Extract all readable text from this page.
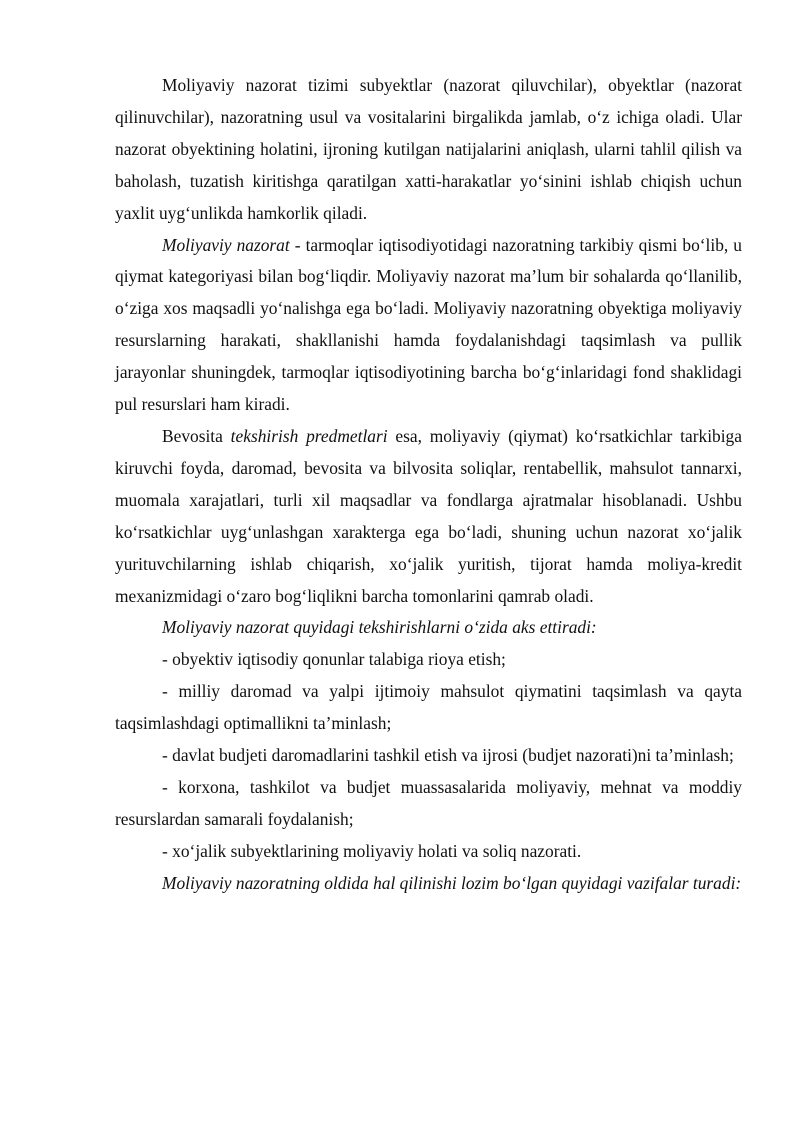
Moliyaviy nazorat tizimi subyektlar (nazorat qiluvchilar), obyektlar (nazorat qilinuvchilar), nazoratning usul va vositalarini birgalikda jamlab, o‘z ichiga oladi. Ular nazorat obyektining holatini, ijroning kutilgan natijalarini aniqlash, ularni tahlil qilish va baholash, tuzatish kiritishga qaratilgan xatti-harakatlar yo‘sinini ishlab chiqish uchun yaxlit uyg‘unlikda hamkorlik qiladi.

Moliyaviy nazorat - tarmoqlar iqtisodiyotidagi nazoratning tarkibiy qismi bo‘lib, u qiymat kategoriyasi bilan bog‘liqdir. Moliyaviy nazorat ma’lum bir sohalarda qo‘llanilib, o‘ziga xos maqsadli yo‘nalishga ega bo‘ladi. Moliyaviy nazoratning obyektiga moliyaviy resurslarning harakati, shakllanishi hamda foydalanishdagi taqsimlash va pullik jarayonlar shuningdek, tarmoqlar iqtisodiyotining barcha bo‘g‘inlaridagi fond shaklidagi pul resurslari ham kiradi.

Bevosita tekshirish predmetlari esa, moliyaviy (qiymat) ko‘rsatkichlar tarkibiga kiruvchi foyda, daromad, bevosita va bilvosita soliqlar, rentabellik, mahsulot tannarxi, muomala xarajatlari, turli xil maqsadlar va fondlarga ajratmalar hisoblanadi. Ushbu ko‘rsatkichlar uyg‘unlashgan xarakterga ega bo‘ladi, shuning uchun nazorat xo‘jalik yurituvchilarning ishlab chiqarish, xo‘jalik yuritish, tijorat hamda moliya-kredit mexanizmidagi o‘zaro bog‘liqlikni barcha tomonlarini qamrab oladi.

Moliyaviy nazorat quyidagi tekshirishlarni o‘zida aks ettiradi:

- obyektiv iqtisodiy qonunlar talabiga rioya etish;

- milliy daromad va yalpi ijtimoiy mahsulot qiymatini taqsimlash va qayta taqsimlashdagi optimallikni ta’minlash;

- davlat budjeti daromadlarini tashkil etish va ijrosi (budjet nazorati)ni ta’minlash;

- korxona, tashkilot va budjet muassasalarida moliyaviy, mehnat va moddiy resurslardan samarali foydalanish;

- xo‘jalik subyektlarining moliyaviy holati va soliq nazorati.

Moliyaviy nazoratning oldida hal qilinishi lozim bo‘lgan quyidagi vazifalar turadi:
